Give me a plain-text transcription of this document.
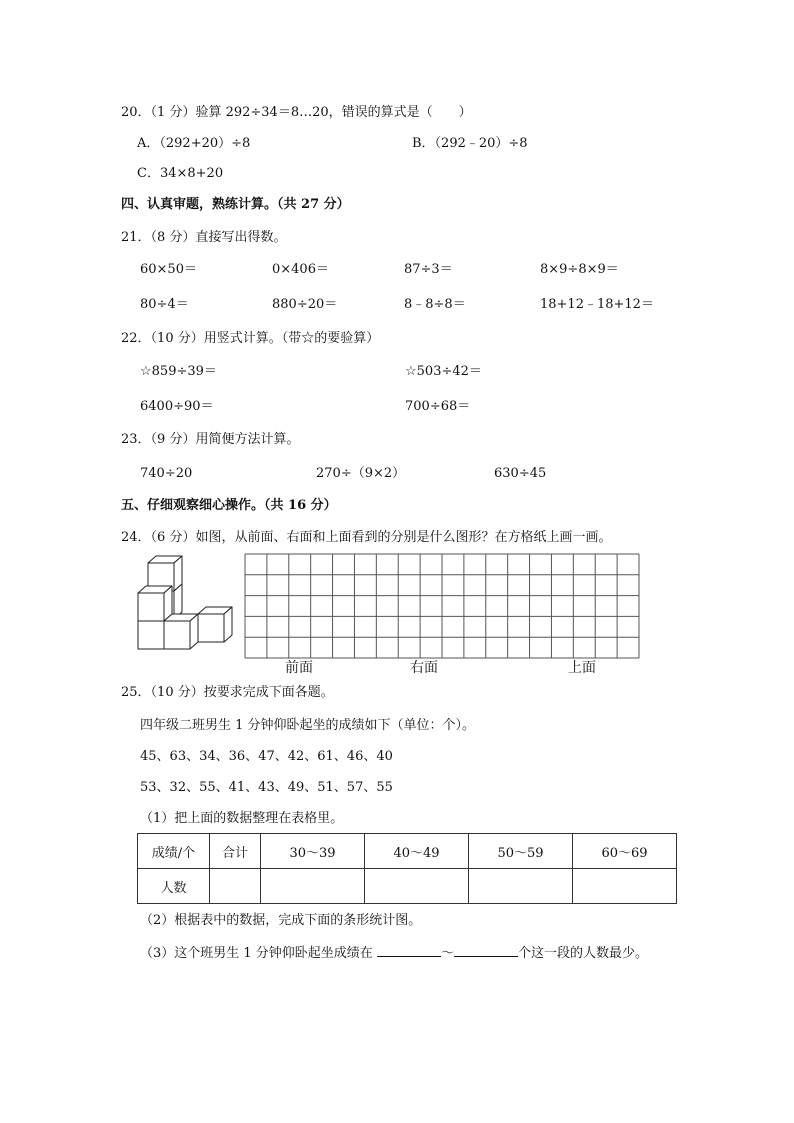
20．（1 分）验算 292÷34＝8…20，错误的算式是（　　）
A．（292+20）÷8	B．（292﹣20）÷8
C．34×8+20
四、认真审题，熟练计算。（共 27 分）
21．（8 分）直接写出得数。
60×50＝	0×406＝	87÷3＝	8×9÷8×9＝
80÷4＝	880÷20＝	8﹣8÷8＝	18+12﹣18+12＝
22．（10 分）用竖式计算。（带☆的要验算）
☆859÷39＝	☆503÷42＝
6400÷90＝	700÷68＝
23．（9 分）用简便方法计算。
740÷20	270÷（9×2）	630÷45
五、仔细观察细心操作。（共 16 分）
24．（6 分）如图，从前面、右面和上面看到的分别是什么图形？在方格纸上画一画。
前面	右面	上面
25．（10 分）按要求完成下面各题。
四年级二班男生 1 分钟仰卧起坐的成绩如下（单位：个）。
45、63、34、36、47、42、61、46、40
53、32、55、41、43、49、51、57、55
（1）把上面的数据整理在表格里。
成绩/个	合计	30～39	40～49	50～59	60～69
人数					
（2）根据表中的数据，完成下面的条形统计图。
（3）这个班男生 1 分钟仰卧起坐成绩在	～	个这一段的人数最少。
